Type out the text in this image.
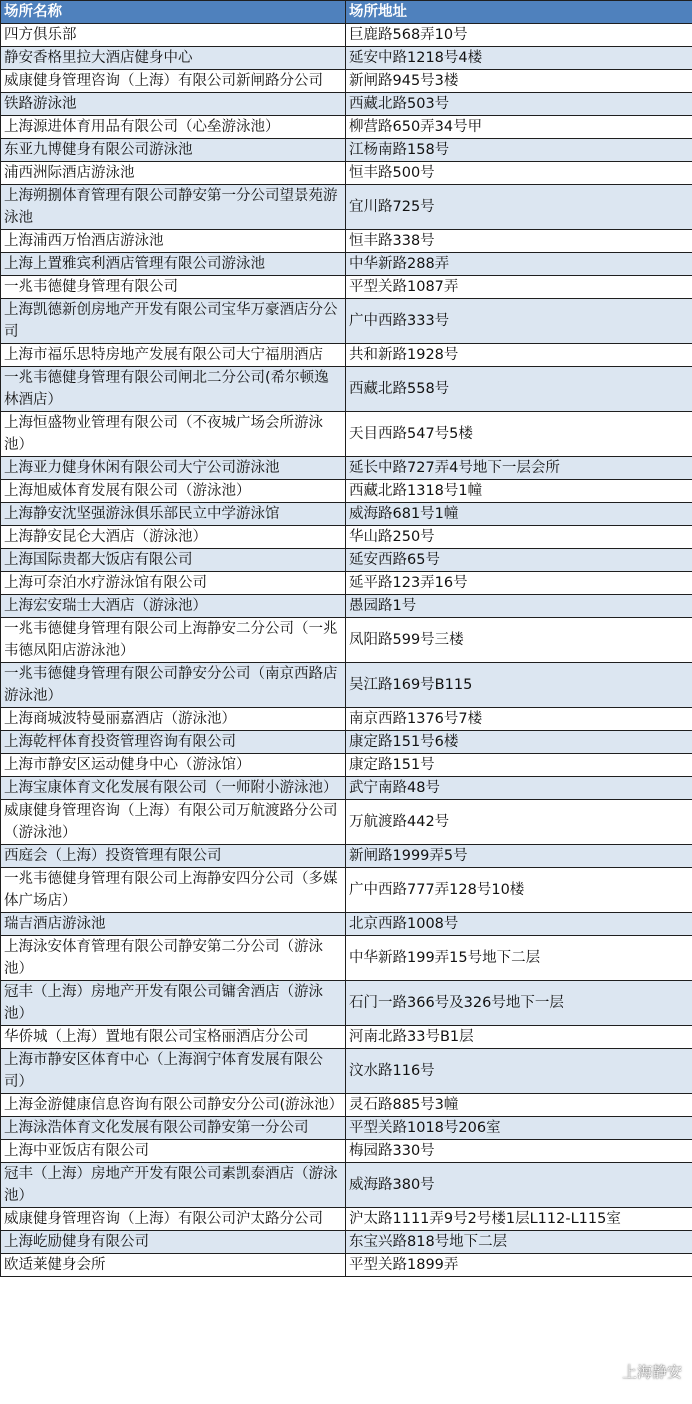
场所名称	场所地址
四方俱乐部	巨鹿路568弄10号
静安香格里拉大酒店健身中心	延安中路1218号4楼
威康健身管理咨询（上海）有限公司新闸路分公司	新闸路945号3楼
铁路游泳池	西藏北路503号
上海源进体育用品有限公司（心垒游泳池）	柳营路650弄34号甲
东亚九博健身有限公司游泳池	江杨南路158号
浦西洲际酒店游泳池	恒丰路500号
上海朔捌体育管理有限公司静安第一分公司望景苑游泳池	宜川路725号
上海浦西万怡酒店游泳池	恒丰路338号
上海上置雅宾利酒店管理有限公司游泳池	中华新路288弄
一兆韦德健身管理有限公司	平型关路1087弄
上海凯德新创房地产开发有限公司宝华万豪酒店分公司	广中西路333号
上海市福乐思特房地产发展有限公司大宁福朋酒店	共和新路1928号
一兆韦德健身管理有限公司闸北二分公司(希尔顿逸林酒店）	西藏北路558号
上海恒盛物业管理有限公司（不夜城广场会所游泳池）	天目西路547号5楼
上海亚力健身休闲有限公司大宁公司游泳池	延长中路727弄4号地下一层会所
上海旭威体育发展有限公司（游泳池）	西藏北路1318号1幢
上海静安沈坚强游泳俱乐部民立中学游泳馆	威海路681号1幢
上海静安昆仑大酒店（游泳池）	华山路250号
上海国际贵都大饭店有限公司	延安西路65号
上海可奈泊水疗游泳馆有限公司	延平路123弄16号
上海宏安瑞士大酒店（游泳池）	愚园路1号
一兆韦德健身管理有限公司上海静安二分公司（一兆韦德凤阳店游泳池）	凤阳路599号三楼
一兆韦德健身管理有限公司静安分公司（南京西路店游泳池）	吴江路169号B115
上海商城波特曼丽嘉酒店（游泳池）	南京西路1376号7楼
上海乾枰体育投资管理咨询有限公司	康定路151号6楼
上海市静安区运动健身中心（游泳馆）	康定路151号
上海宝康体育文化发展有限公司（一师附小游泳池）	武宁南路48号
威康健身管理咨询（上海）有限公司万航渡路分公司（游泳池）	万航渡路442号
西庭会（上海）投资管理有限公司	新闸路1999弄5号
一兆韦德健身管理有限公司上海静安四分公司（多媒体广场店）	广中西路777弄128号10楼
瑞吉酒店游泳池	北京西路1008号
上海泳安体育管理有限公司静安第二分公司（游泳池）	中华新路199弄15号地下二层
冠丰（上海）房地产开发有限公司镛舍酒店（游泳池）	石门一路366号及326号地下一层
华侨城（上海）置地有限公司宝格丽酒店分公司	河南北路33号B1层
上海市静安区体育中心（上海润宁体育发展有限公司）	汶水路116号
上海金游健康信息咨询有限公司静安分公司(游泳池）	灵石路885号3幢
上海泳浩体育文化发展有限公司静安第一分公司	平型关路1018号206室
上海中亚饭店有限公司	梅园路330号
冠丰（上海）房地产开发有限公司素凯泰酒店（游泳池）	威海路380号
威康健身管理咨询（上海）有限公司沪太路分公司	沪太路1111弄9号2号楼1层L112-L115室
上海屹励健身有限公司	东宝兴路818号地下二层
欧适莱健身会所	平型关路1899弄
上海静安
